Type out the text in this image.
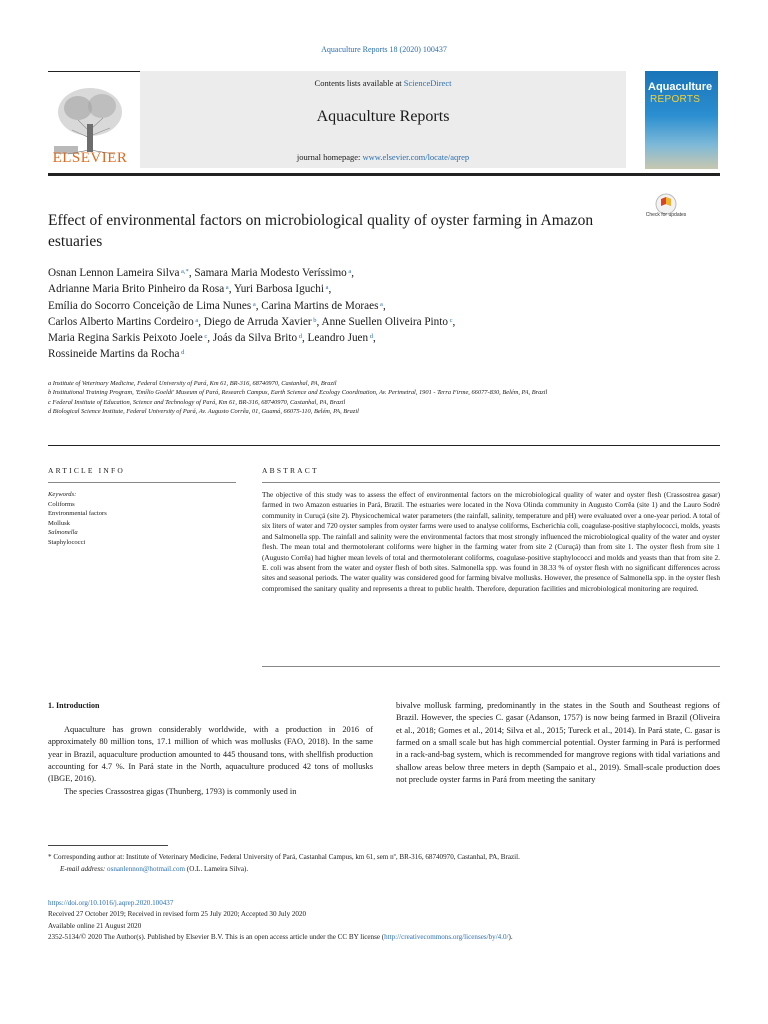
Aquaculture Reports 18 (2020) 100437
Contents lists available at ScienceDirect
Aquaculture Reports
journal homepage: www.elsevier.com/locate/aqrep
ELSEVIER
Aquaculture
REPORTS
Effect of environmental factors on microbiological quality of oyster farming in Amazon estuaries
Check for updates
Osnan Lennon Lameira Silva $^{a,*}$, Samara Maria Modesto Veríssimo $^a$,
Adrianne Maria Brito Pinheiro da Rosa $^a$, Yuri Barbosa Iguchi $^a$,
Emília do Socorro Conceição de Lima Nunes $^a$, Carina Martins de Moraes $^a$,
Carlos Alberto Martins Cordeiro $^a$, Diego de Arruda Xavier $^b$, Anne Suellen Oliveira Pinto $^c$,
Maria Regina Sarkis Peixoto Joele $^c$, Joás da Silva Brito $^d$, Leandro Juen $^d$,
Rossineide Martins da Rocha $^d$
a Institute of Veterinary Medicine, Federal University of Pará, Km 61, BR-316, 68740970, Castanhal, PA, Brazil
b Institutional Training Program, 'Emílio Goeldi' Museum of Pará, Research Campus, Earth Science and Ecology Coordination, Av. Perimetral, 1901 - Terra Firme, 66077-830, Belém, PA, Brazil
c Federal Institute of Education, Science and Technology of Pará, Km 61, BR-316, 68740970, Castanhal, PA, Brazil
d Biological Science Institute, Federal University of Pará, Av. Augusto Corrêa, 01, Guamá, 66075-110, Belém, PA, Brazil
ARTICLE INFO	ABSTRACT
Keywords:
Coliforms
Environmental factors
Mollusk
Salmonella
Staphylococci
The objective of this study was to assess the effect of environmental factors on the microbiological quality of water and oyster flesh (Crassostrea gasar) farmed in two Amazon estuaries in Pará, Brazil. The estuaries were located in the Nova Olinda community in Augusto Corrêa (site 1) and the Lauro Sodré community in Curuçá (site 2). Physicochemical water parameters (the rainfall, salinity, temperature and pH) were evaluated over a one-year period. A total of six liters of water and 720 oyster samples from oyster farms were used to analyse coliforms, Escherichia coli, coagulase-positive staphylococci, molds, yeasts and Salmonella spp. The rainfall and salinity were the environmental factors that most strongly influenced the microbiological quality of the water and oyster flesh. The mean total and thermotolerant coliforms were higher in the farming water from site 2 (Curuçá) than from site 1. The oyster flesh from site 1 (Augusto Corrêa) had higher mean levels of total and thermotolerant coliforms, coagulase-positive staphylococci and molds and yeasts than that from site 2. E. coli was absent from the water and oyster flesh of both sites. Salmonella spp. was found in 38.33 % of oyster flesh with no significant differences across sites and seasonal periods. The water quality was considered good for farming bivalve mollusks. However, the presence of Salmonella spp. in the oyster flesh compromised the sanitary quality and represents a threat to public health. Therefore, depuration facilities and microbiological monitoring are required.
1. Introduction

Aquaculture has grown considerably worldwide, with a production in 2016 of approximately 80 million tons, 17.1 million of which was mollusks (FAO, 2018). In the same year in Brazil, aquaculture production amounted to 445 thousand tons, with shellfish production accounting for 4.7 %. In Pará state in the North, aquaculture produced 42 tons of mollusks (IBGE, 2016).

The species Crassostrea gigas (Thunberg, 1793) is commonly used in

bivalve mollusk farming, predominantly in the states in the South and Southeast regions of Brazil. However, the species C. gasar (Adanson, 1757) is now being farmed in Brazil (Oliveira et al., 2018; Gomes et al., 2014; Silva et al., 2015; Tureck et al., 2014). In Pará state, C. gasar is farmed on a small scale but has high commercial potential. Oyster farming in Pará is performed in a rack-and-bag system, which is recommended for mangrove regions with tidal variations and shallow areas below three meters in depth (Sampaio et al., 2019). Small-scale production does not preclude oyster farms in Pará from meeting the sanitary

* Corresponding author at: Institute of Veterinary Medicine, Federal University of Pará, Castanhal Campus, km 61, sem nº, BR-316, 68740970, Castanhal, PA, Brazil.
E-mail address: osnanlennon@hotmail.com (O.L. Lameira Silva).
https://doi.org/10.1016/j.aqrep.2020.100437
Received 27 October 2019; Received in revised form 25 July 2020; Accepted 30 July 2020
Available online 21 August 2020
2352-5134/© 2020 The Author(s). Published by Elsevier B.V. This is an open access article under the CC BY license (http://creativecommons.org/licenses/by/4.0/).
